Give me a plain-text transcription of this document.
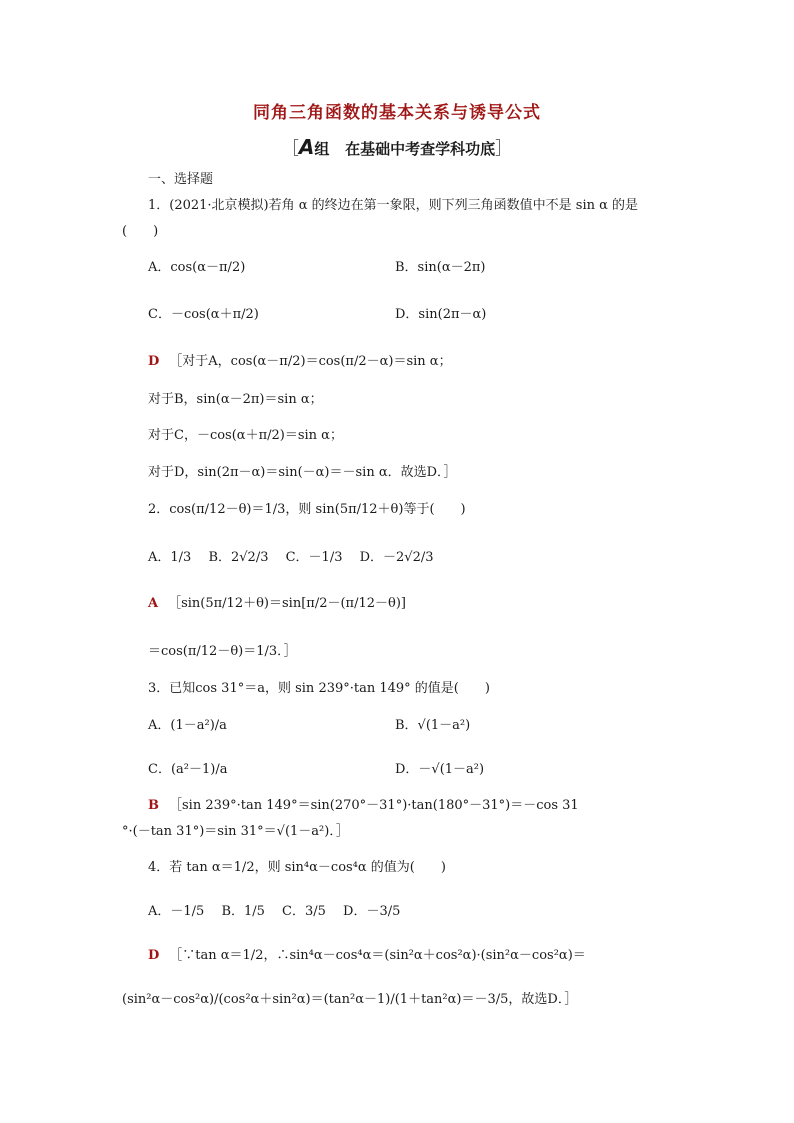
同角三角函数的基本关系与诱导公式
［A组 在基础中考查学科功底］
一、选择题
1．(2021·北京模拟)若角 α 的终边在第一象限，则下列三角函数值中不是 sin α 的是
(　　)
A．cos(α－π/2)	B．sin(α－2π)
C．－cos(α＋π/2)	D．sin(2π－α)
D ［对于A，cos(α－π/2)＝cos(π/2－α)＝sin α；
对于B，sin(α－2π)＝sin α；
对于C，－cos(α＋π/2)＝sin α；
对于D，sin(2π－α)＝sin(－α)＝－sin α．故选D．］
2．cos(π/12－θ)＝1/3，则 sin(5π/12＋θ)等于(　　)
A．1/3　 B．2√2/3　 C．－1/3　 D．－2√2/3
A ［sin(5π/12＋θ)＝sin[π/2－(π/12－θ)]
＝cos(π/12－θ)＝1/3．］
3．已知cos 31°＝a，则 sin 239°·tan 149° 的值是(　　)
A．(1－a²)/a	B．√(1－a²)
C．(a²－1)/a	D．－√(1－a²)
B ［sin 239°·tan 149°＝sin(270°－31°)·tan(180°－31°)＝－cos 31
°·(－tan 31°)＝sin 31°＝√(1－a²)．］
4．若 tan α＝1/2，则 sin⁴α－cos⁴α 的值为(　　)
A．－1/5　 B．1/5　 C．3/5　 D．－3/5
D ［∵tan α＝1/2，∴sin⁴α－cos⁴α＝(sin²α＋cos²α)·(sin²α－cos²α)＝
(sin²α－cos²α)/(cos²α＋sin²α)＝(tan²α－1)/(1＋tan²α)＝－3/5，故选D．］
